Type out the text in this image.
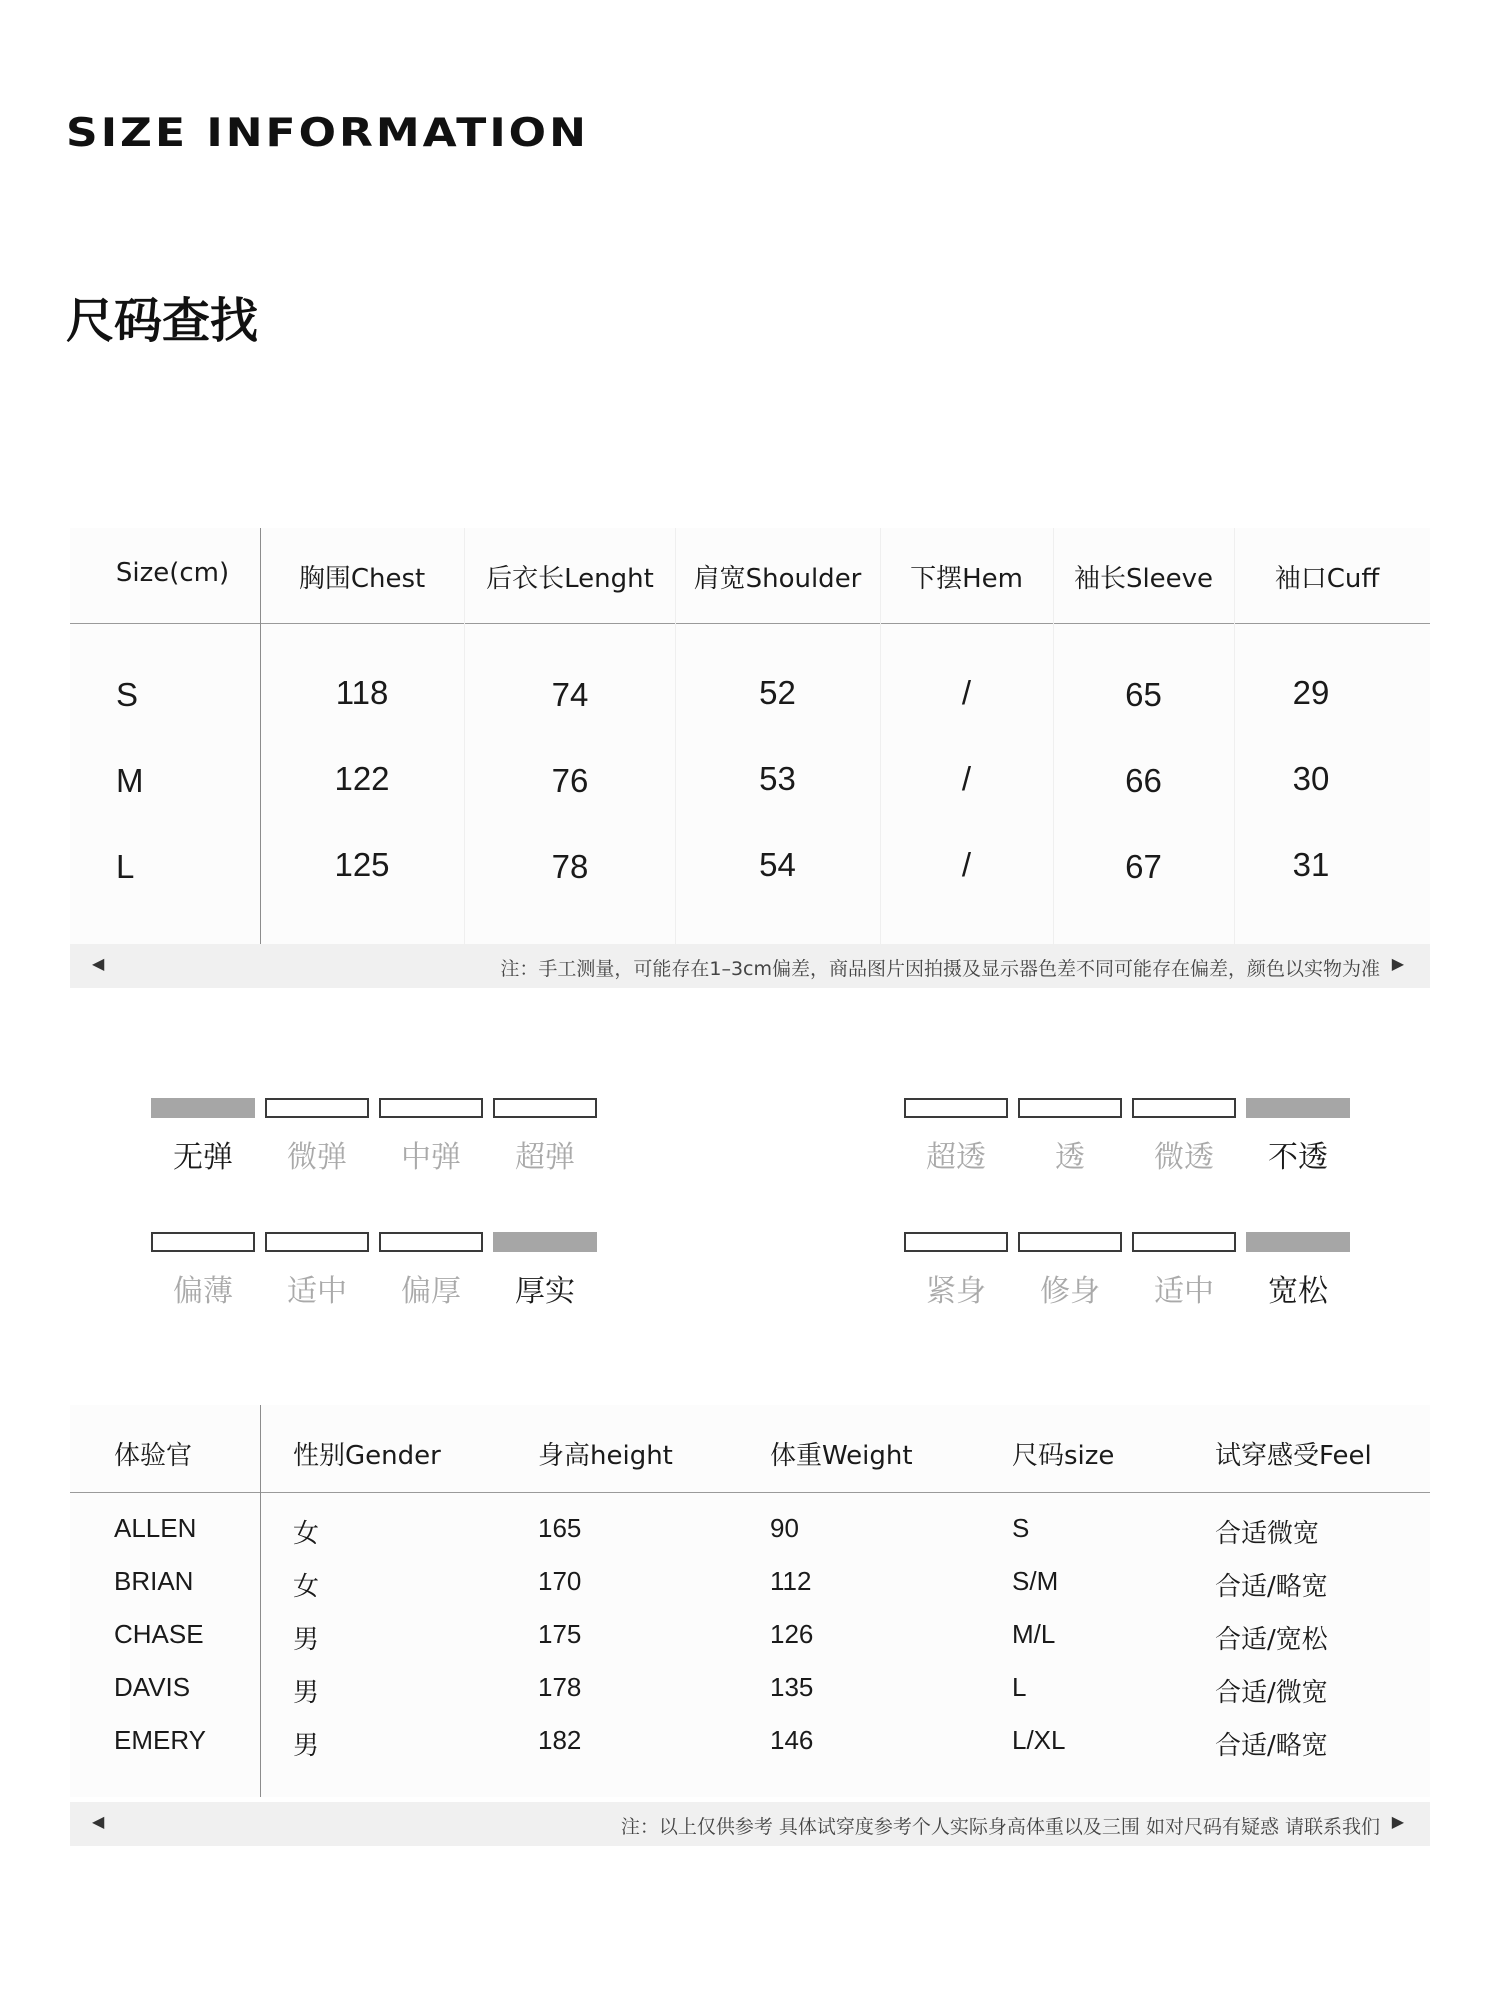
SIZE INFORMATION
尺码查找
Size(cm)	胸围Chest	后衣长Lenght	肩宽Shoulder	下摆Hem	袖长Sleeve	袖口Cuff
S	118	74	52	/	65	29
M	122	76	53	/	66	30
L	125	78	54	/	67	31
◀	注：手工测量，可能存在1–3cm偏差，商品图片因拍摄及显示器色差不同可能存在偏差，颜色以实物为准 ▶
无弹	微弹	中弹	超弹	超透	透	微透	不透
偏薄	适中	偏厚	厚实	紧身	修身	适中	宽松
体验官	性别Gender	身高height	体重Weight	尺码size	试穿感受Feel
ALLEN	女	165	90	S	合适微宽
BRIAN	女	170	112	S/M	合适/略宽
CHASE	男	175	126	M/L	合适/宽松
DAVIS	男	178	135	L	合适/微宽
EMERY	男	182	146	L/XL	合适/略宽
◀	注：以上仅供参考 具体试穿度参考个人实际身高体重以及三围 如对尺码有疑惑 请联系我们 ▶
